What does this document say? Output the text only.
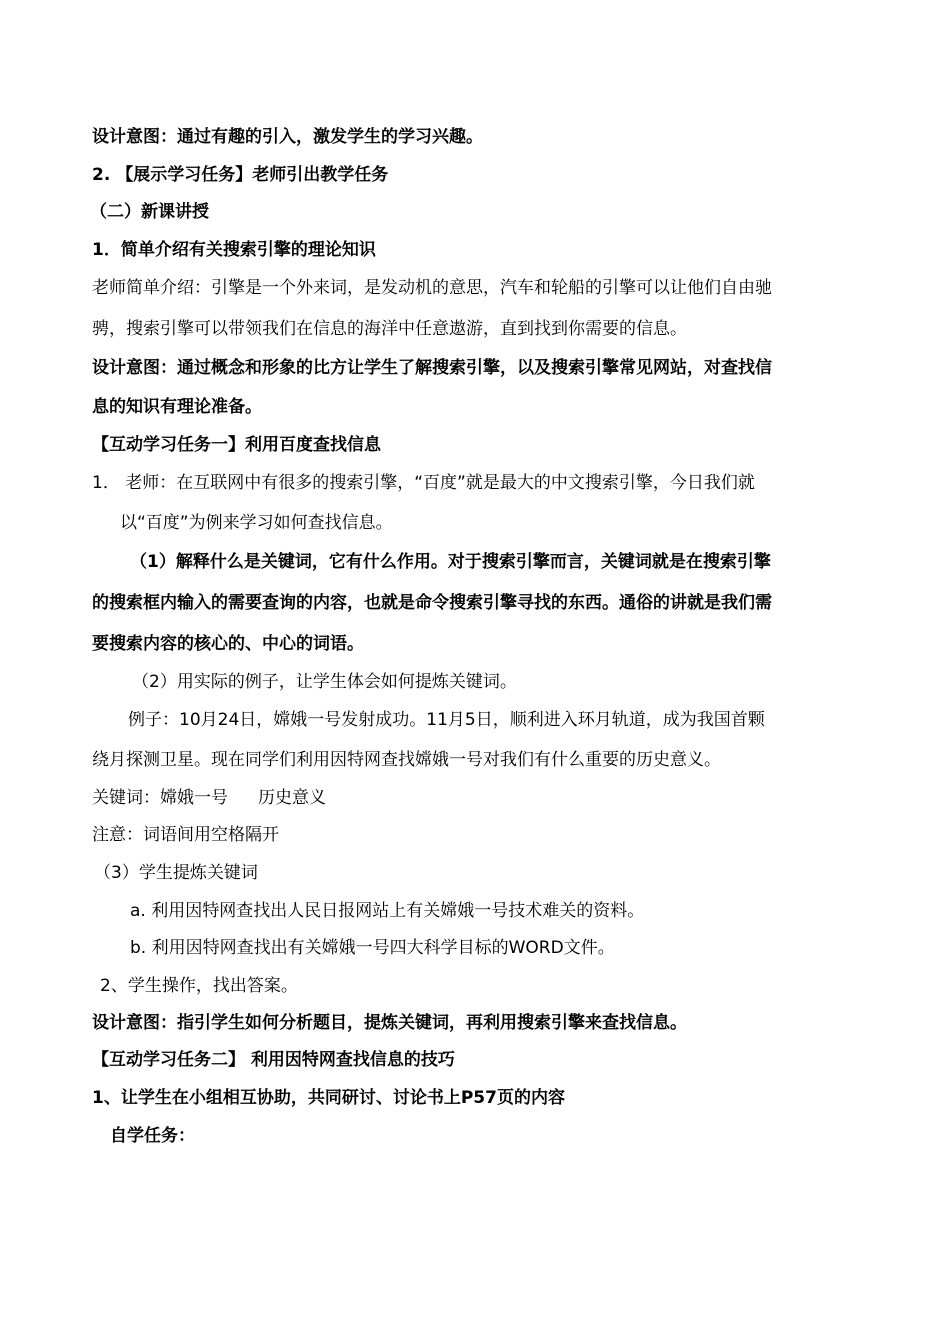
设计意图：通过有趣的引入，激发学生的学习兴趣。
2. 【展示学习任务】老师引出教学任务
（二）新课讲授
1．简单介绍有关搜索引擎的理论知识
老师简单介绍：引擎是一个外来词，是发动机的意思，汽车和轮船的引擎可以让他们自由驰
骋，搜索引擎可以带领我们在信息的海洋中任意遨游，直到找到你需要的信息。
设计意图：通过概念和形象的比方让学生了解搜索引擎，以及搜索引擎常见网站，对查找信
息的知识有理论准备。
【互动学习任务一】利用百度查找信息
1． 老师：在互联网中有很多的搜索引擎，“百度”就是最大的中文搜索引擎，今日我们就
以“百度”为例来学习如何查找信息。
（1）解释什么是关键词，它有什么作用。对于搜索引擎而言，关键词就是在搜索引擎
的搜索框内输入的需要查询的内容，也就是命令搜索引擎寻找的东西。通俗的讲就是我们需
要搜索内容的核心的、中心的词语。
（2）用实际的例子，让学生体会如何提炼关键词。
例子：10月24日，嫦娥一号发射成功。11月5日，顺利进入环月轨道，成为我国首颗
绕月探测卫星。现在同学们利用因特网查找嫦娥一号对我们有什么重要的历史意义。
关键词：嫦娥一号 历史意义
注意：词语间用空格隔开
（3）学生提炼关键词
a. 利用因特网查找出人民日报网站上有关嫦娥一号技术难关的资料。
b. 利用因特网查找出有关嫦娥一号四大科学目标的WORD文件。
2、学生操作，找出答案。
设计意图：指引学生如何分析题目，提炼关键词，再利用搜索引擎来查找信息。
【互动学习任务二】 利用因特网查找信息的技巧
1、让学生在小组相互协助，共同研讨、讨论书上P57页的内容
自学任务：
